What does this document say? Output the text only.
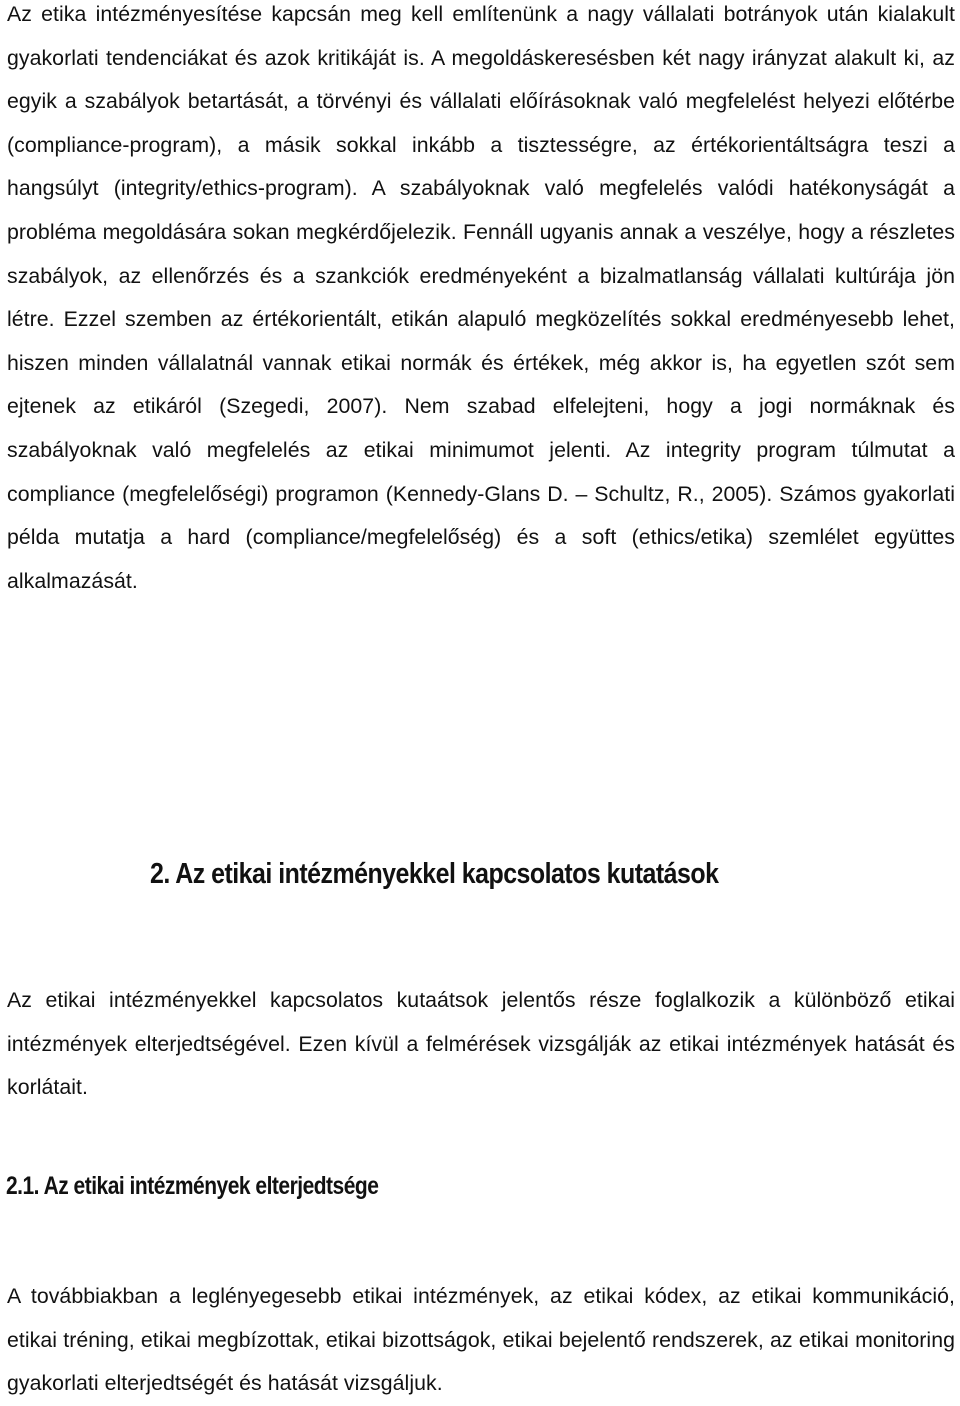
Az etika intézményesítése kapcsán meg kell említenünk a nagy vállalati botrányok után kialakult gyakorlati tendenciákat és azok kritikáját is. A megoldáskeresésben két nagy irányzat alakult ki, az egyik a szabályok betartását, a törvényi és vállalati előírásoknak való megfelelést helyezi előtérbe (compliance-program), a másik sokkal inkább a tisztességre, az értékorientáltságra teszi a hangsúlyt (integrity/ethics-program). A szabályoknak való megfelelés valódi hatékonyságát a probléma megoldására sokan megkérdőjelezik. Fennáll ugyanis annak a veszélye, hogy a részletes szabályok, az ellenőrzés és a szankciók eredményeként a bizalmatlanság vállalati kultúrája jön létre. Ezzel szemben az értékorientált, etikán alapuló megközelítés sokkal eredményesebb lehet, hiszen minden vállalatnál vannak etikai normák és értékek, még akkor is, ha egyetlen szót sem ejtenek az etikáról (Szegedi, 2007). Nem szabad elfelejteni, hogy a jogi normáknak és szabályoknak való megfelelés az etikai minimumot jelenti. Az integrity program túlmutat a compliance (megfelelőségi) programon (Kennedy-Glans D. – Schultz, R., 2005). Számos gyakorlati példa mutatja a hard (compliance/megfelelőség) és a soft (ethics/etika) szemlélet együttes alkalmazását.

2. Az etikai intézményekkel kapcsolatos kutatások

Az etikai intézményekkel kapcsolatos kutaátsok jelentős része foglalkozik a különböző etikai intézmények elterjedtségével. Ezen kívül a felmérések vizsgálják az etikai intézmények hatását és korlátait.

2.1. Az etikai intézmények elterjedtsége

A továbbiakban a leglényegesebb etikai intézmények, az etikai kódex, az etikai kommunikáció, etikai tréning, etikai megbízottak, etikai bizottságok, etikai bejelentő rendszerek, az etikai monitoring gyakorlati elterjedtségét és hatását vizsgáljuk.
